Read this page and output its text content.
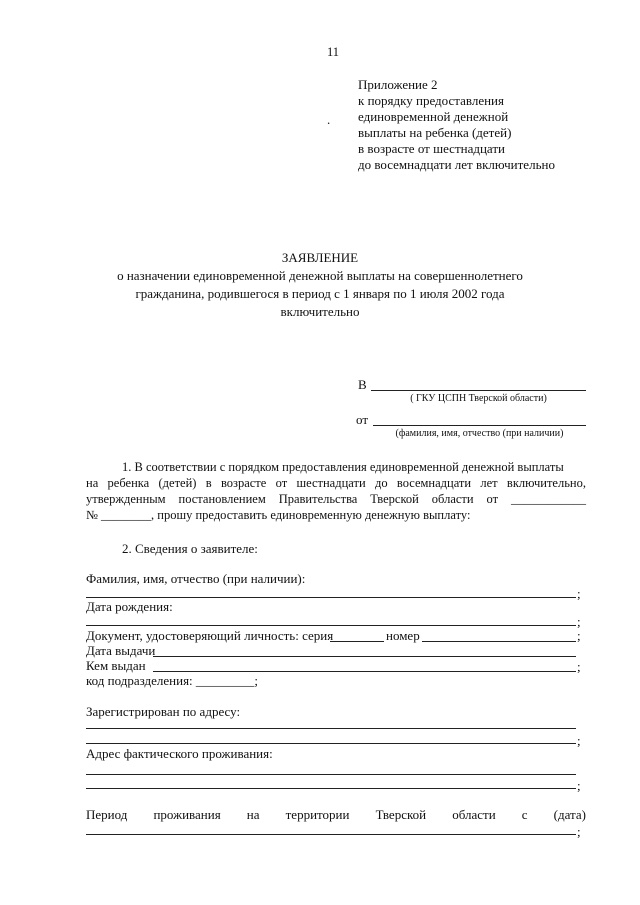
11
Приложение 2
к порядку предоставления
единовременной денежной
выплаты на ребенка (детей)
в возрасте от шестнадцати
до восемнадцати лет включительно
.
ЗАЯВЛЕНИЕ
о назначении единовременной денежной выплаты на совершеннолетнего
гражданина, родившегося в период с 1 января по 1 июля 2002 года
включительно
В
( ГКУ ЦСПН Тверской области)
от
(фамилия, имя, отчество (при наличии)
1. В соответствии с порядком предоставления единовременной денежной выплаты
на ребенка (детей) в возрасте от шестнадцати до восемнадцати лет включительно,
утвержденным постановлением Правительства Тверской области от ____________
№ ________, прошу предоставить единовременную денежную выплату:
2. Сведения о заявителе:
Фамилия, имя, отчество (при наличии):
;
Дата рождения:
;
Документ, удостоверяющий личность: серия	номер	;
Дата выдачи
Кем выдан	;
код подразделения: _________;
Зарегистрирован по адресу:
;
Адрес фактического проживания:
;
Период проживания на территории Тверской области с (дата)
;
